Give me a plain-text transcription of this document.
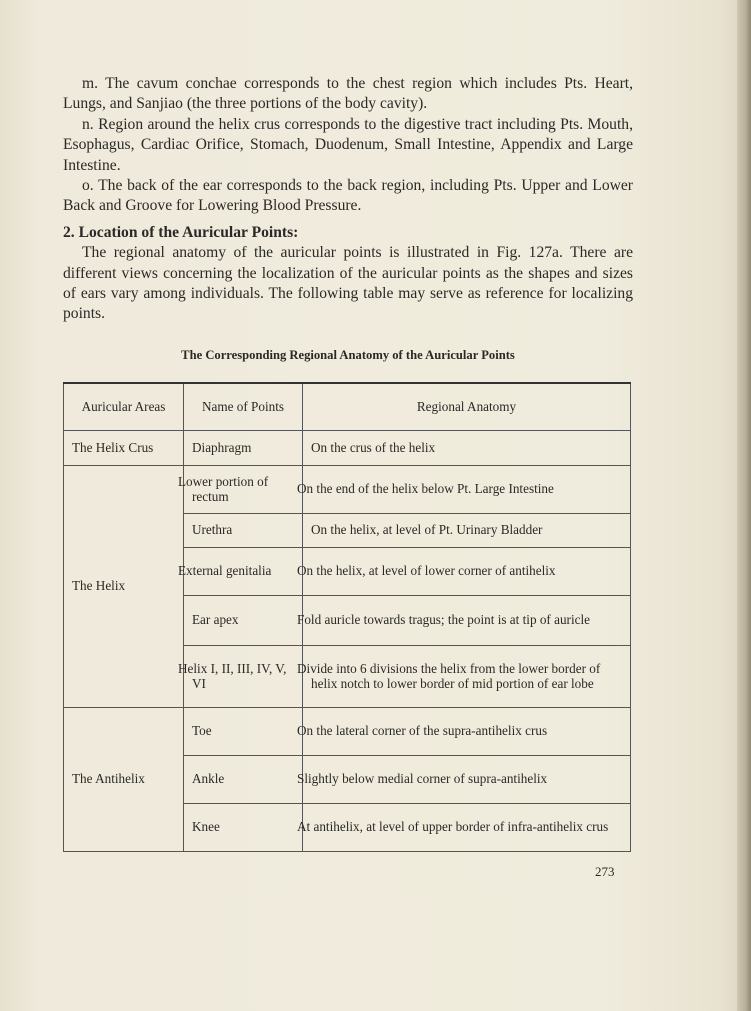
m. The cavum conchae corresponds to the chest region which includes Pts. Heart, Lungs, and Sanjiao (the three portions of the body cavity).

n. Region around the helix crus corresponds to the digestive tract including Pts. Mouth, Esophagus, Cardiac Orifice, Stomach, Duodenum, Small Intestine, Appendix and Large Intestine.

o. The back of the ear corresponds to the back region, including Pts. Upper and Lower Back and Groove for Lowering Blood Pressure.

2. Location of the Auricular Points:

The regional anatomy of the auricular points is illustrated in Fig. 127a. There are different views concerning the localization of the auricular points as the shapes and sizes of ears vary among individuals. The following table may serve as reference for localizing points.

The Corresponding Regional Anatomy of the Auricular Points
Auricular Areas	Name of Points	Regional Anatomy
The Helix Crus	Diaphragm	On the crus of the helix
The Helix	Lower portion of rectum	On the end of the helix below Pt. Large Intestine
	Urethra	On the helix, at level of Pt. Urinary Bladder
	External genitalia	On the helix, at level of lower corner of antihelix
	Ear apex	Fold auricle towards tragus; the point is at tip of auricle
	Helix I, II, III, IV, V, VI	Divide into 6 divisions the helix from the lower border of helix notch to lower border of mid portion of ear lobe
The Antihelix	Toe	On the lateral corner of the supra-antihelix crus
	Ankle	Slightly below medial corner of supra-antihelix
	Knee	At antihelix, at level of upper border of infra-antihelix crus
273
